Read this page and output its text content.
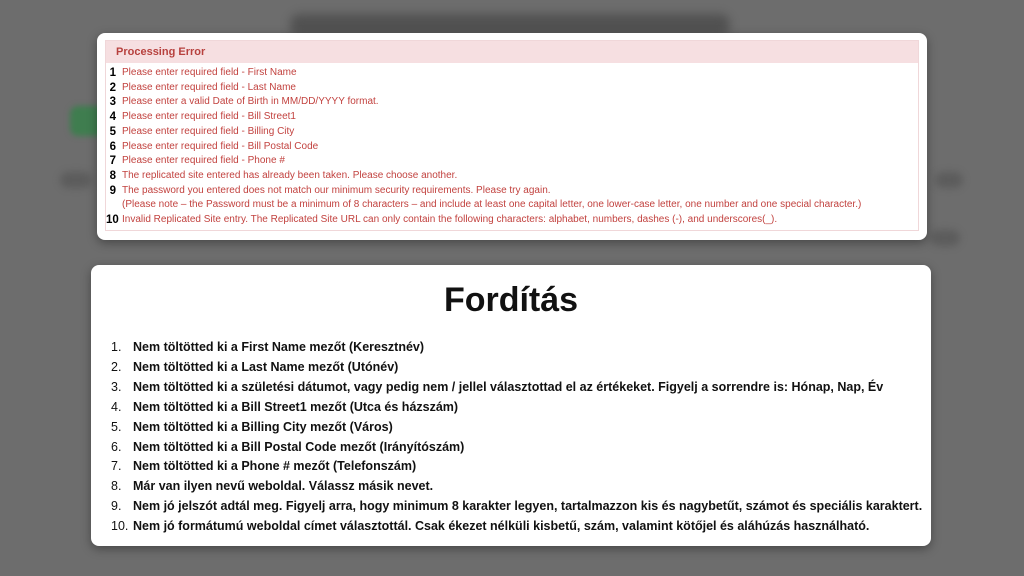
Processing Error
1 Please enter required field - First Name
2 Please enter required field - Last Name
3 Please enter a valid Date of Birth in MM/DD/YYYY format.
4 Please enter required field - Bill Street1
5 Please enter required field - Billing City
6 Please enter required field - Bill Postal Code
7 Please enter required field - Phone #
8 The replicated site entered has already been taken. Please choose another.
9 The password you entered does not match our minimum security requirements. Please try again.
(Please note – the Password must be a minimum of 8 characters – and include at least one capital letter, one lower-case letter, one number and one special character.)
10 Invalid Replicated Site entry. The Replicated Site URL can only contain the following characters: alphabet, numbers, dashes (-), and underscores(_).
Fordítás
1. Nem töltötted ki a First Name mezőt (Keresztnév)
2. Nem töltötted ki a Last Name mezőt (Utónév)
3. Nem töltötted ki a születési dátumot, vagy pedig nem / jellel választottad el az értékeket. Figyelj a sorrendre is: Hónap, Nap, Év
4. Nem töltötted ki a Bill Street1 mezőt (Utca és házszám)
5. Nem töltötted ki a Billing City mezőt (Város)
6. Nem töltötted ki a Bill Postal Code mezőt (Irányítószám)
7. Nem töltötted ki a Phone # mezőt (Telefonszám)
8. Már van ilyen nevű weboldal. Válassz másik nevet.
9. Nem jó jelszót adtál meg. Figyelj arra, hogy minimum 8 karakter legyen, tartalmazzon kis és nagybetűt, számot és speciális karaktert.
10. Nem jó formátumú weboldal címet választottál. Csak ékezet nélküli kisbetű, szám, valamint kötőjel és aláhúzás használható.
